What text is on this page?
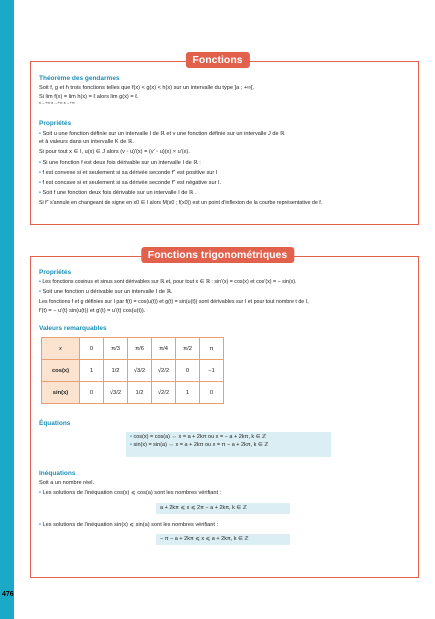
476
Théorème des gendarmes
Soit f, g et h trois fonctions telles que f(x) < g(x) < h(x) sur un intervalle du type ]a ; +∞[.
Si lim f(x) = lim h(x) = ℓ alors lim g(x) = ℓ.
x→+∞ x→+∞ x→+∞
Propriétés
• Soit u une fonction définie sur un intervalle I de ℝ et v une fonction définie sur un intervalle J de ℝ
et à valeurs dans un intervalle K de ℝ.
Si pour tout x ∈ I, u(x) ∈ J alors (v ◦ u)′(x) = (v′ ◦ u)(x) × u′(x).
• Si une fonction f est deux fois dérivable sur un intervalle I de ℝ :
• f est convexe si et seulement si sa dérivée seconde f″ est positive sur I
• f est concave si et seulement si sa dérivée seconde f″ est négative sur I.
• Soit f une fonction deux fois dérivable sur un intervalle I de ℝ .
Si f″ s'annule en changeant de signe en x0 ∈ I alors M(x0 ; f(x0)) est un point d'inflexion de la courbe représentative de f.
Fonctions
Propriétés
• Les fonctions cosinus et sinus sont dérivables sur ℝ et, pour tout x ∈ ℝ : sin′(x) = cos(x) et cos′(x) = − sin(x).
• Soit une fonction u dérivable sur un intervalle I de ℝ.
Les fonctions f et g définies sur I par f(t) = cos(u(t)) et g(t) = sin(u(t)) sont dérivables sur I et pour tout nombre t de I,
f′(t) = − u′(t) sin(u(t)) et g′(t) = u′(t) cos(u(t)).
Valeurs remarquables
x	0	π/3	π/6	π/4	π/2	π
cos(x)	1	1/2	√3/2	√2/2	0	−1
sin(x)	0	√3/2	1/2	√2/2	1	0
Équations
• cos(x) = cos(a) ⇔ x = a + 2kπ ou x = − a + 2kπ, k ∈ ℤ
• sin(x) = sin(a) ⇔ x = a + 2kπ ou x = π − a + 2kπ, k ∈ ℤ
Inéquations
Soit a un nombre réel.
• Les solutions de l'inéquation cos(x) ⩽ cos(a) sont les nombres vérifiant :
a + 2kπ ⩽ x ⩽ 2π − a + 2kπ, k ∈ ℤ
• Les solutions de l'inéquation sin(x) ⩽ sin(a) sont les nombres vérifiant :
− π − a + 2kπ ⩽ x ⩽ a + 2kπ, k ∈ ℤ
Fonctions trigonométriques
